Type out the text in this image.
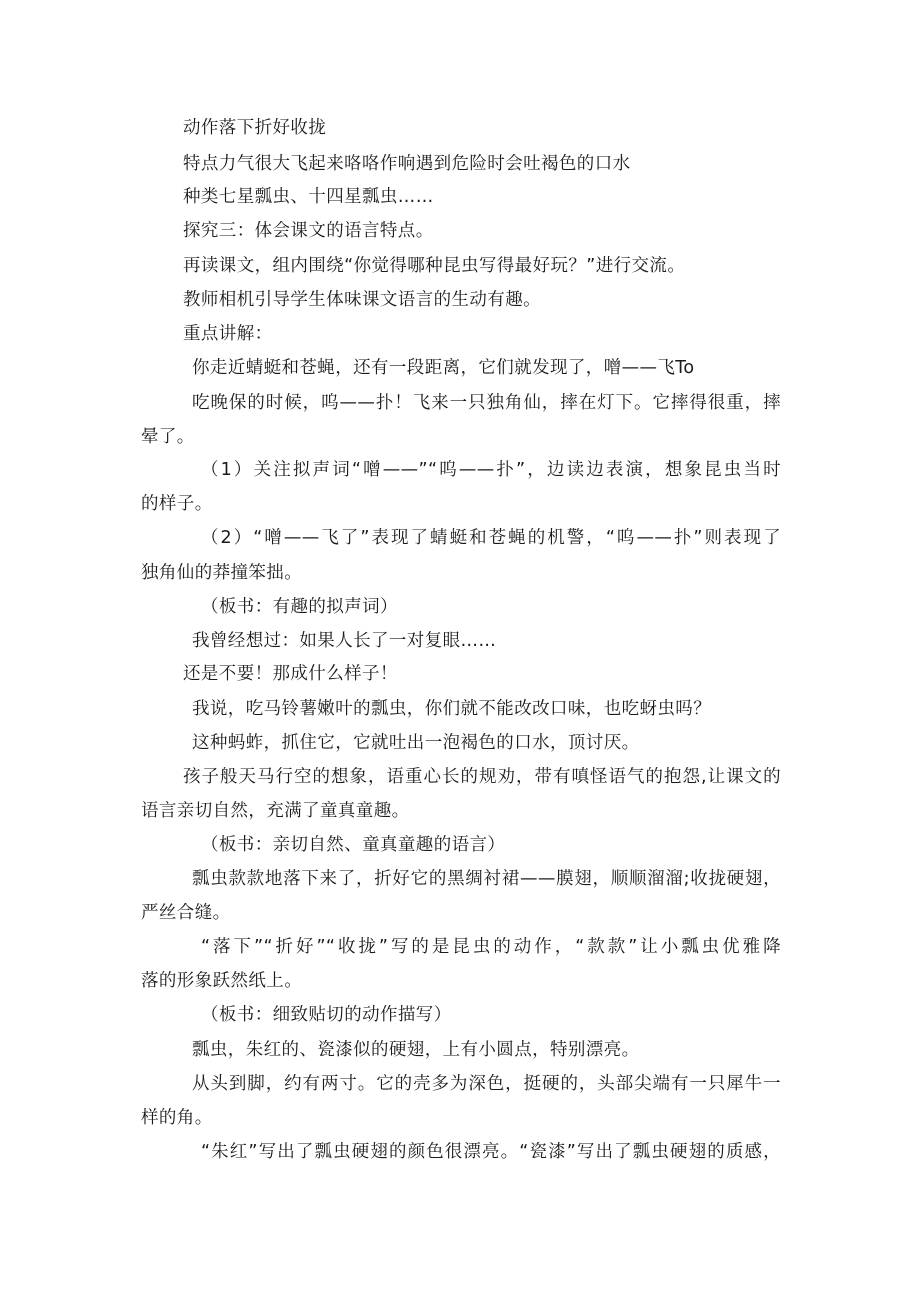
动作落下折好收拢
特点力气很大飞起来咯咯作响遇到危险时会吐褐色的口水
种类七星瓢虫、十四星瓢虫……
探究三：体会课文的语言特点。
再读课文，组内围绕“你觉得哪种昆虫写得最好玩？”进行交流。
教师相机引导学生体味课文语言的生动有趣。
重点讲解：
你走近蜻蜓和苍蝇，还有一段距离，它们就发现了，噌——飞To
吃晚保的时候，呜——扑！飞来一只独角仙，摔在灯下。它摔得很重，摔
晕了。
（1）关注拟声词“噌——”“呜——扑”，边读边表演，想象昆虫当时
的样子。
（2）“噌——飞了”表现了蜻蜓和苍蝇的机警，“呜——扑”则表现了
独角仙的莽撞笨拙。
（板书：有趣的拟声词）
我曾经想过：如果人长了一对复眼……
还是不要！那成什么样子！
我说，吃马铃薯嫩叶的瓢虫，你们就不能改改口味，也吃蚜虫吗？
这种蚂蚱，抓住它，它就吐出一泡褐色的口水，顶讨厌。
孩子般天马行空的想象，语重心长的规劝，带有嗔怪语气的抱怨,让课文的
语言亲切自然，充满了童真童趣。
（板书：亲切自然、童真童趣的语言）
瓢虫款款地落下来了，折好它的黑绸衬裙——膜翅，顺顺溜溜;收拢硬翅，
严丝合缝。
“落下”“折好”“收拢”写的是昆虫的动作，“款款”让小瓢虫优雅降
落的形象跃然纸上。
（板书：细致贴切的动作描写）
瓢虫，朱红的、瓷漆似的硬翅，上有小圆点，特别漂亮。
从头到脚，约有两寸。它的壳多为深色，挺硬的，头部尖端有一只犀牛一
样的角。
“朱红”写出了瓢虫硬翅的颜色很漂亮。“瓷漆”写出了瓢虫硬翅的质感，
